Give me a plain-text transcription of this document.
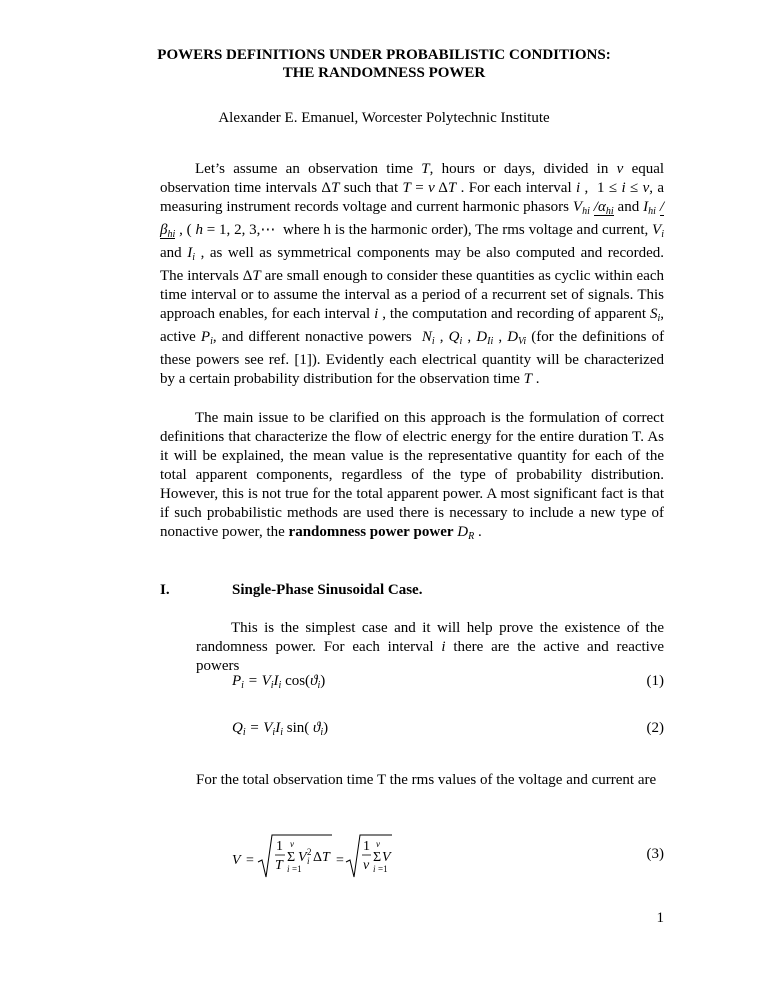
POWERS DEFINITIONS UNDER PROBABILISTIC CONDITIONS:
THE RANDOMNESS POWER
Alexander E. Emanuel, Worcester Polytechnic Institute
Let’s assume an observation time T, hours or days, divided in ν equal observation time intervals ΔT such that T = ν ΔT . For each interval i ,  1 ≤ i ≤ ν, a measuring instrument records voltage and current harmonic phasors $V_{hi}$ $/\alpha_{hi}$ and $I_{hi}$ $/\beta_{hi}$ , ( h = 1, 2, 3,⋯  where h is the harmonic order), The rms voltage and current, $V_i$ and $I_i$ , as well as symmetrical components may be also computed and recorded. The intervals ΔT are small enough to consider these quantities as cyclic within each time interval or to assume the interval as a period of a recurrent set of signals. This approach enables, for each interval i , the computation and recording of apparent $S_i$, active $P_i$, and different nonactive powers $N_i$ , $Q_i$ , $D_{Ii}$ , $D_{Vi}$ (for the definitions of these powers see ref. [1]). Evidently each electrical quantity will be characterized by a certain probability distribution for the observation time T .
The main issue to be clarified on this approach is the formulation of correct definitions that characterize the flow of electric energy for the entire duration T. As it will be explained, the mean value is the representative quantity for each of the total apparent components, regardless of the type of probability distribution. However, this is not true for the total apparent power. A most significant fact is that if such probabilistic methods are used there is necessary to include a new type of nonactive power, the randomness power power $D_R$ .
I.	Single-Phase Sinusoidal Case.
This is the simplest case and it will help prove the existence of the randomness power. For each interval i there are the active and reactive powers
$P_i = V_iI_i$ $\cos(ϑ_i)$	(1)
$Q_i = V_iI_i$ sin( $ϑ_i$)	(2)
For the total observation time T the rms values of the voltage and current are
V =
1
T
ν
Σ
i =1
V i
2 Δ T =
1
ν
ν
Σ
i =1
V	(3)
1
